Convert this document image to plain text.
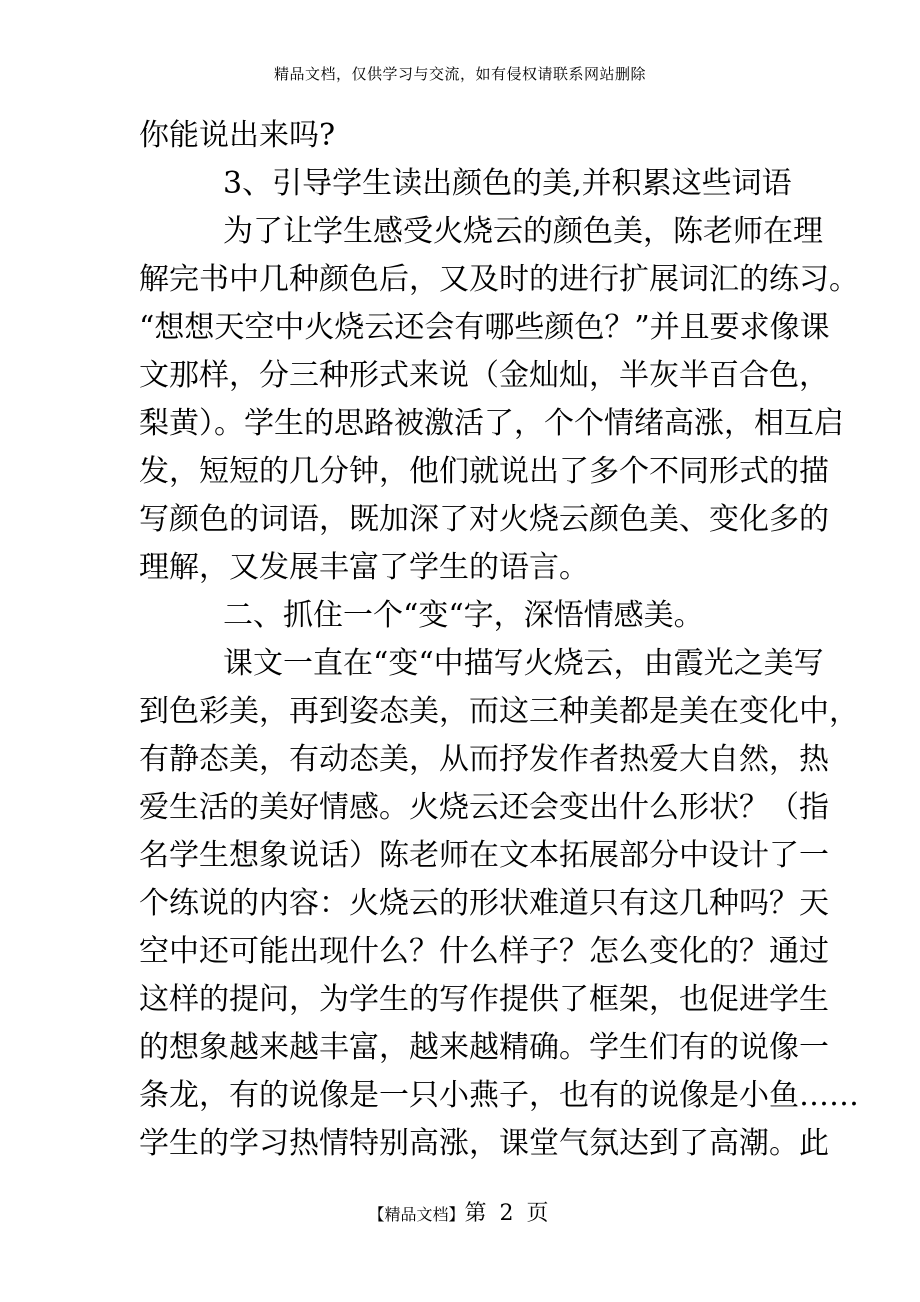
精品文档，仅供学习与交流，如有侵权请联系网站删除
你能说出来吗?
3、引导学生读出颜色的美,并积累这些词语
为了让学生感受火烧云的颜色美，陈老师在理
解完书中几种颜色后，又及时的进行扩展词汇的练习。
“想想天空中火烧云还会有哪些颜色？”并且要求像课
文那样，分三种形式来说（金灿灿，半灰半百合色，
梨黄）。学生的思路被激活了，个个情绪高涨，相互启
发，短短的几分钟，他们就说出了多个不同形式的描
写颜色的词语，既加深了对火烧云颜色美、变化多的
理解，又发展丰富了学生的语言。
二、抓住一个“变“字，深悟情感美。
课文一直在“变“中描写火烧云，由霞光之美写
到色彩美，再到姿态美，而这三种美都是美在变化中，
有静态美，有动态美，从而抒发作者热爱大自然，热
爱生活的美好情感。火烧云还会变出什么形状？（指
名学生想象说话）陈老师在文本拓展部分中设计了一
个练说的内容：火烧云的形状难道只有这几种吗？天
空中还可能出现什么？什么样子？怎么变化的？通过
这样的提问，为学生的写作提供了框架，也促进学生
的想象越来越丰富，越来越精确。学生们有的说像一
条龙，有的说像是一只小燕子，也有的说像是小鱼……
学生的学习热情特别高涨，课堂气氛达到了高潮。此
【精品文档】第 2 页
